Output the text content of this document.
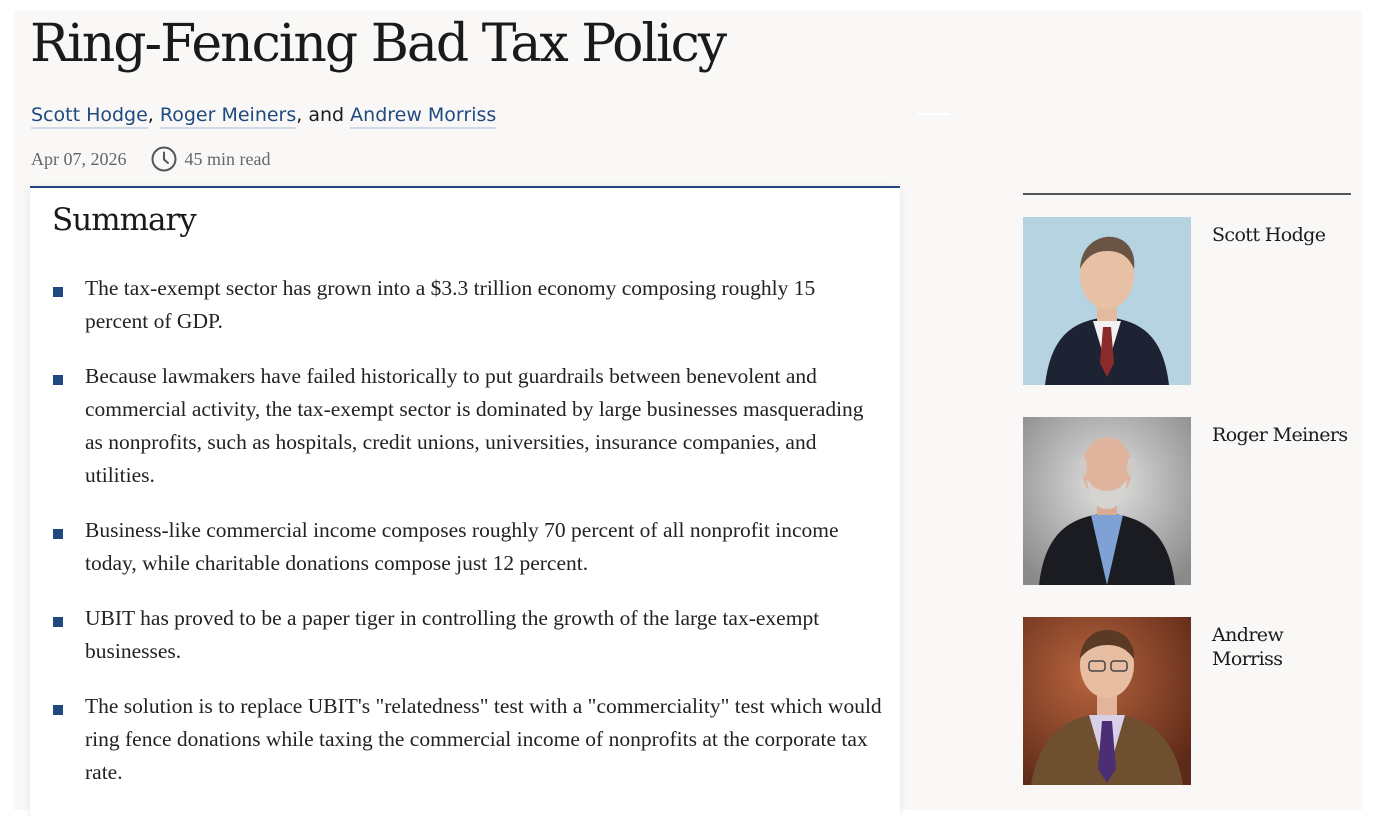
Ring-Fencing Bad Tax Policy
Scott Hodge, Roger Meiners, and Andrew Morriss
Apr 07, 2026	45 min read
Summary
The tax-exempt sector has grown into a $3.3 trillion economy composing roughly 15 percent of GDP.
Because lawmakers have failed historically to put guardrails between benevolent and commercial activity, the tax-exempt sector is dominated by large businesses masquerading as nonprofits, such as hospitals, credit unions, universities, insurance companies, and utilities.
Business-like commercial income composes roughly 70 percent of all nonprofit income today, while charitable donations compose just 12 percent.
UBIT has proved to be a paper tiger in controlling the growth of the large tax-exempt businesses.
The solution is to replace UBIT's "relatedness" test with a "commerciality" test which would ring fence donations while taxing the commercial income of nonprofits at the corporate tax rate.
Scott Hodge
Roger Meiners
Andrew Morriss
